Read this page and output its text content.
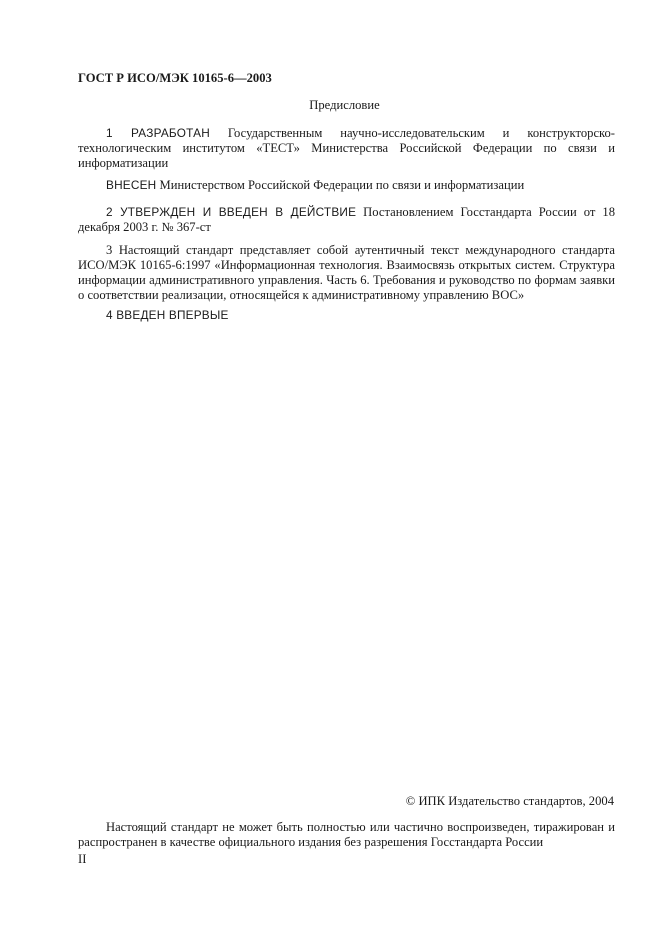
ГОСТ Р ИСО/МЭК 10165-6—2003
Предисловие
1 РАЗРАБОТАН Государственным научно-исследовательским и конструкторско-технологическим институтом «ТЕСТ» Министерства Российской Федерации по связи и информатизации
ВНЕСЕН Министерством Российской Федерации по связи и информатизации
2 УТВЕРЖДЕН И ВВЕДЕН В ДЕЙСТВИЕ Постановлением Госстандарта России от 18 декабря 2003 г. № 367-ст
3 Настоящий стандарт представляет собой аутентичный текст международного стандарта ИСО/МЭК 10165-6:1997 «Информационная технология. Взаимосвязь открытых систем. Структура информации административного управления. Часть 6. Требования и руководство по формам заявки о соответствии реализации, относящейся к административному управлению ВОС»
4 ВВЕДЕН ВПЕРВЫЕ
© ИПК Издательство стандартов, 2004
Настоящий стандарт не может быть полностью или частично воспроизведен, тиражирован и распространен в качестве официального издания без разрешения Госстандарта России
II
